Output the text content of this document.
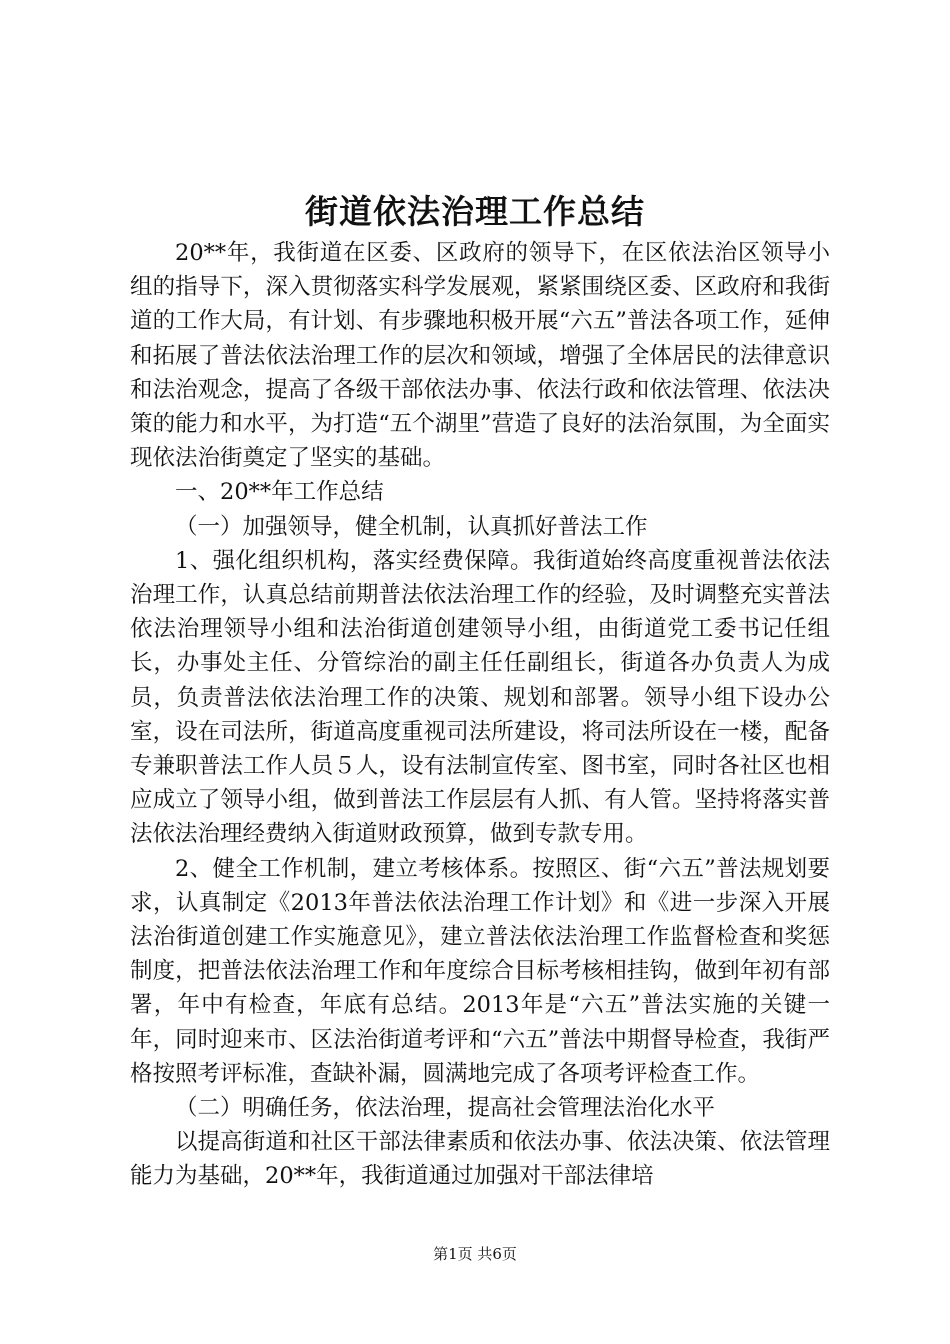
街道依法治理工作总结

20**年，我街道在区委、区政府的领导下，在区依法治区领导小组的指导下，深入贯彻落实科学发展观，紧紧围绕区委、区政府和我街道的工作大局，有计划、有步骤地积极开展“六五”普法各项工作，延伸和拓展了普法依法治理工作的层次和领域，增强了全体居民的法律意识和法治观念，提高了各级干部依法办事、依法行政和依法管理、依法决策的能力和水平，为打造“五个湖里”营造了良好的法治氛围，为全面实现依法治街奠定了坚实的基础。

一、20**年工作总结

（一）加强领导，健全机制，认真抓好普法工作

1、强化组织机构，落实经费保障。我街道始终高度重视普法依法治理工作，认真总结前期普法依法治理工作的经验，及时调整充实普法依法治理领导小组和法治街道创建领导小组，由街道党工委书记任组长，办事处主任、分管综治的副主任任副组长，街道各办负责人为成员，负责普法依法治理工作的决策、规划和部署。领导小组下设办公室，设在司法所，街道高度重视司法所建设，将司法所设在一楼，配备专兼职普法工作人员５人，设有法制宣传室、图书室，同时各社区也相应成立了领导小组，做到普法工作层层有人抓、有人管。坚持将落实普法依法治理经费纳入街道财政预算，做到专款专用。

2、健全工作机制，建立考核体系。按照区、街“六五”普法规划要求，认真制定《2013年普法依法治理工作计划》和《进一步深入开展法治街道创建工作实施意见》，建立普法依法治理工作监督检查和奖惩制度，把普法依法治理工作和年度综合目标考核相挂钩，做到年初有部署，年中有检查，年底有总结。2013年是“六五”普法实施的关键一年，同时迎来市、区法治街道考评和“六五”普法中期督导检查，我街严格按照考评标准，查缺补漏，圆满地完成了各项考评检查工作。

（二）明确任务，依法治理，提高社会管理法治化水平

以提高街道和社区干部法律素质和依法办事、依法决策、依法管理能力为基础，20**年，我街道通过加强对干部法律培

第1页 共6页
